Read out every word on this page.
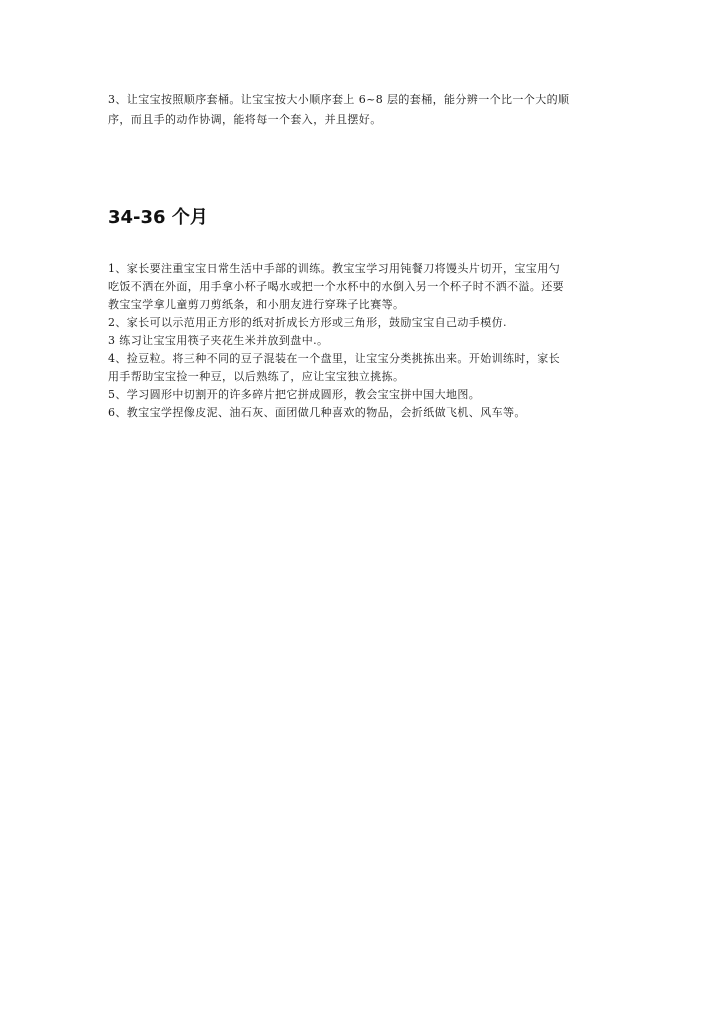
3、让宝宝按照顺序套桶。让宝宝按大小顺序套上 6~8 层的套桶，能分辨一个比一个大的顺
序，而且手的动作协调，能将每一个套入，并且摆好。
34-36 个月
1、家长要注重宝宝日常生活中手部的训练。教宝宝学习用钝餐刀将馒头片切开，宝宝用勺
吃饭不洒在外面，用手拿小杯子喝水或把一个水杯中的水倒入另一个杯子时不洒不溢。还要
教宝宝学拿儿童剪刀剪纸条，和小朋友进行穿珠子比赛等。
2、家长可以示范用正方形的纸对折成长方形或三角形，鼓励宝宝自己动手模仿.
3 练习让宝宝用筷子夹花生米并放到盘中.。
4、捡豆粒。将三种不同的豆子混装在一个盘里，让宝宝分类挑拣出来。开始训练时，家长
用手帮助宝宝捡一种豆，以后熟练了，应让宝宝独立挑拣。
5、学习圆形中切割开的许多碎片把它拼成圆形，教会宝宝拼中国大地图。
6、教宝宝学捏像皮泥、油石灰、面团做几种喜欢的物品，会折纸做飞机、风车等。
